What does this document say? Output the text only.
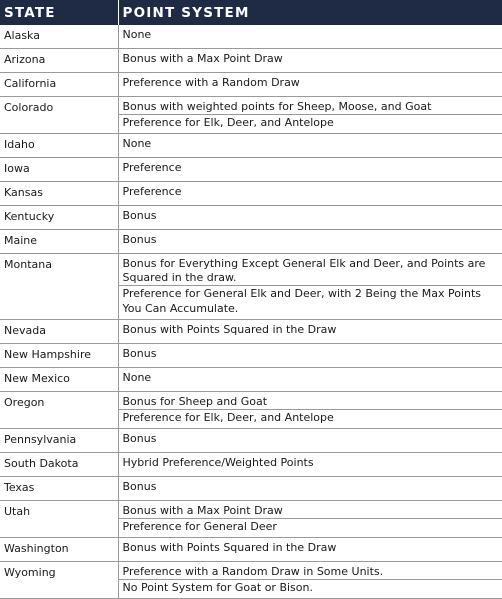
STATE	POINT SYSTEM
Alaska	None

Arizona	Bonus with a Max Point Draw

California	Preference with a Random Draw

Colorado	Bonus with weighted points for Sheep, Moose, and Goat
Preference for Elk, Deer, and Antelope

Idaho	None

Iowa	Preference

Kansas	Preference

Kentucky	Bonus

Maine	Bonus

Montana	Bonus for Everything Except General Elk and Deer, and Points are Squared in the draw.
Preference for General Elk and Deer, with 2 Being the Max Points You Can Accumulate.

Nevada	Bonus with Points Squared in the Draw

New Hampshire	Bonus

New Mexico	None

Oregon	Bonus for Sheep and Goat
Preference for Elk, Deer, and Antelope

Pennsylvania	Bonus

South Dakota	Hybrid Preference/Weighted Points

Texas	Bonus

Utah	Bonus with a Max Point Draw
Preference for General Deer

Washington	Bonus with Points Squared in the Draw

Wyoming	Preference with a Random Draw in Some Units.
No Point System for Goat or Bison.
